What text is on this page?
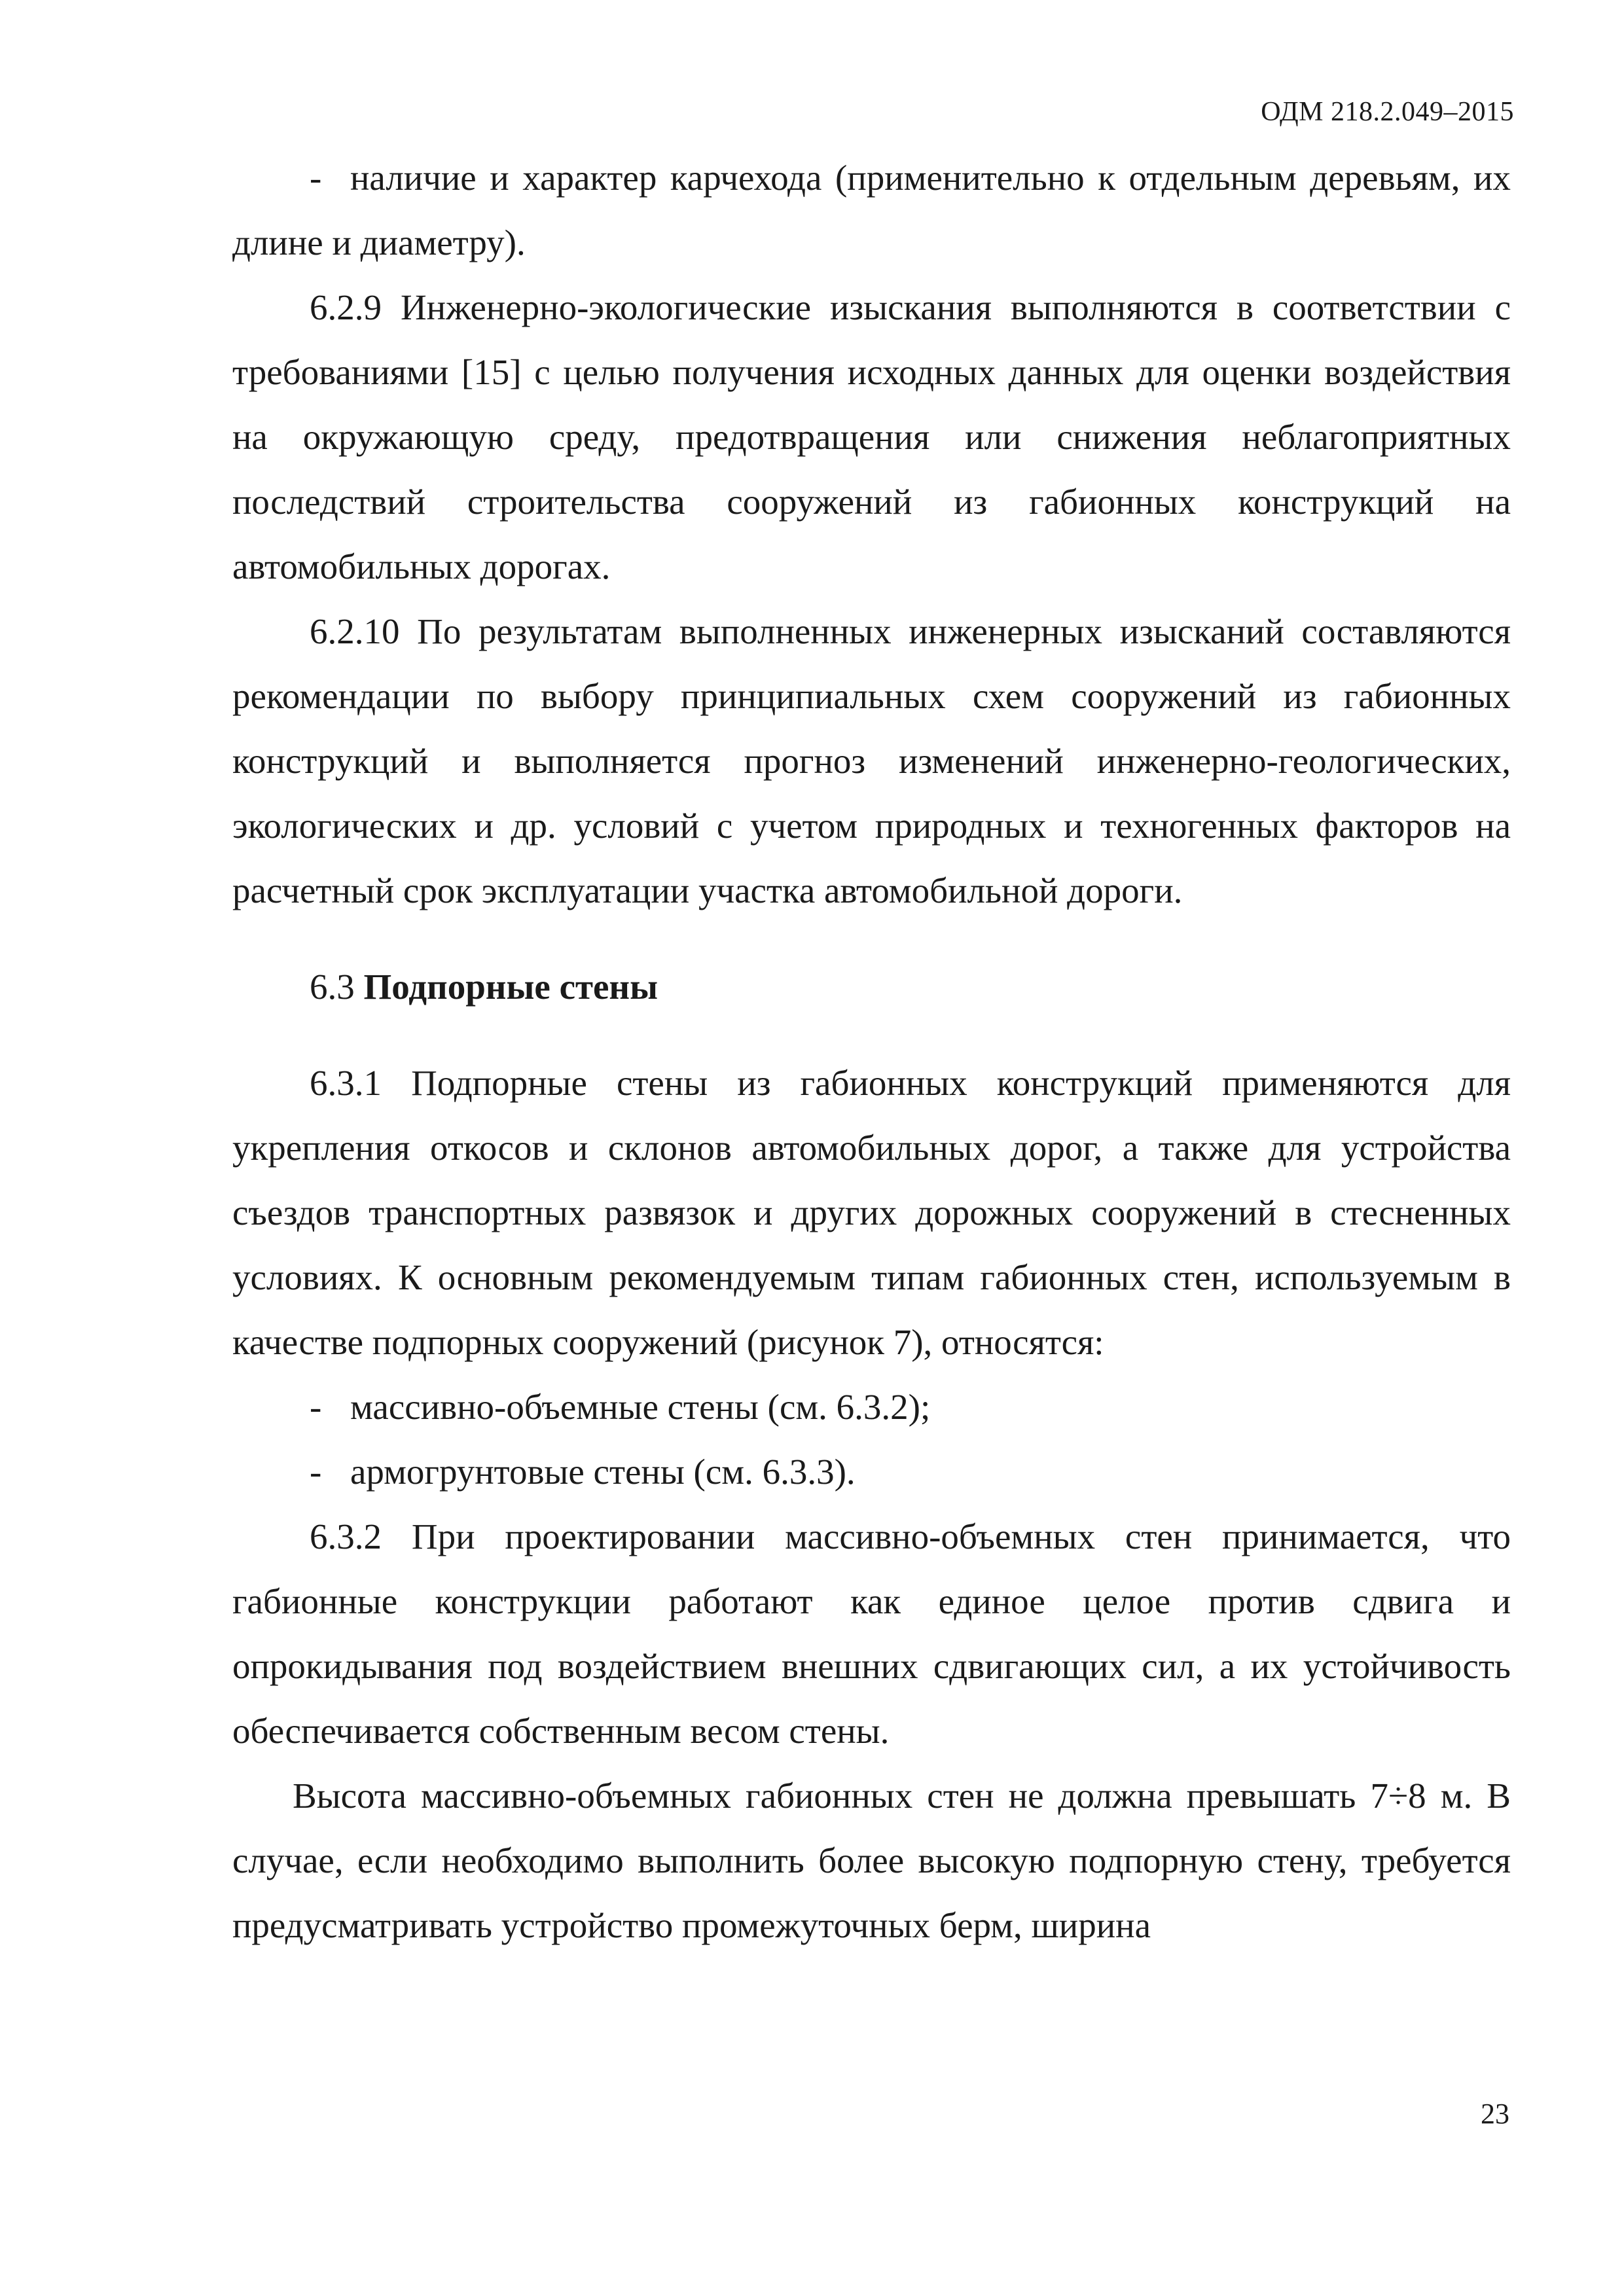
ОДМ 218.2.049–2015

- наличие и характер карчехода (применительно к отдельным деревьям, их длине и диаметру).

6.2.9 Инженерно-экологические изыскания выполняются в соответствии с требованиями [15] с целью получения исходных данных для оценки воздействия на окружающую среду, предотвращения или снижения неблагоприятных последствий строительства сооружений из габионных конструкций на автомобильных дорогах.

6.2.10 По результатам выполненных инженерных изысканий составляются рекомендации по выбору принципиальных схем сооружений из габионных конструкций и выполняется прогноз изменений инженерно-геологических, экологических и др. условий с учетом природных и техногенных факторов на расчетный срок эксплуатации участка автомобильной дороги.

6.3 Подпорные стены

6.3.1 Подпорные стены из габионных конструкций применяются для укрепления откосов и склонов автомобильных дорог, а также для устройства съездов транспортных развязок и других дорожных сооружений в стесненных условиях. К основным рекомендуемым типам габионных стен, используемым в качестве подпорных сооружений (рисунок 7), относятся:

- массивно-объемные стены (см. 6.3.2);

- армогрунтовые стены (см. 6.3.3).

6.3.2 При проектировании массивно-объемных стен принимается, что габионные конструкции работают как единое целое против сдвига и опрокидывания под воздействием внешних сдвигающих сил, а их устойчивость обеспечивается собственным весом стены.

Высота массивно-объемных габионных стен не должна превышать 7÷8 м. В случае, если необходимо выполнить более высокую подпорную стену, требуется предусматривать устройство промежуточных берм, ширина

23
